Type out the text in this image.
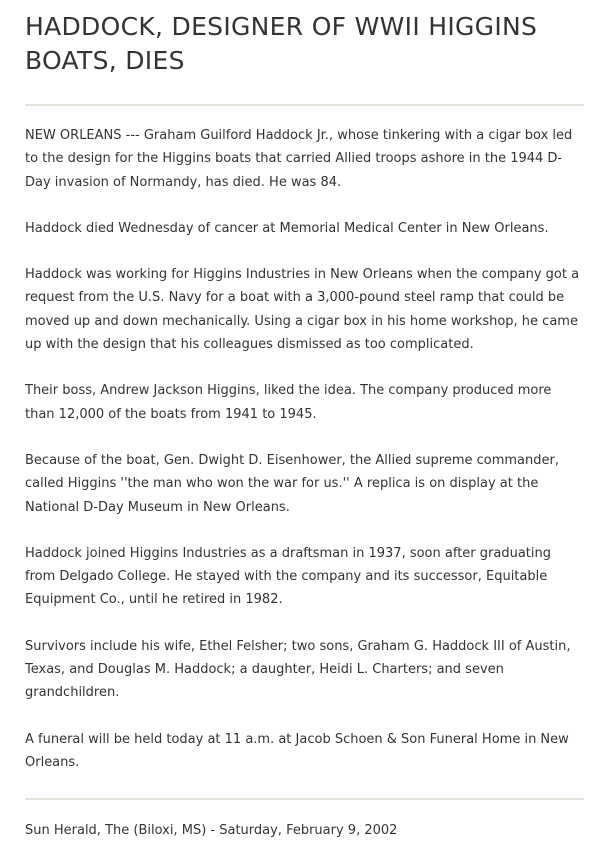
HADDOCK, DESIGNER OF WWII HIGGINS BOATS, DIES

NEW ORLEANS --- Graham Guilford Haddock Jr., whose tinkering with a cigar box led to the design for the Higgins boats that carried Allied troops ashore in the 1944 D-Day invasion of Normandy, has died. He was 84.

Haddock died Wednesday of cancer at Memorial Medical Center in New Orleans.

Haddock was working for Higgins Industries in New Orleans when the company got a request from the U.S. Navy for a boat with a 3,000-pound steel ramp that could be moved up and down mechanically. Using a cigar box in his home workshop, he came up with the design that his colleagues dismissed as too complicated.

Their boss, Andrew Jackson Higgins, liked the idea. The company produced more than 12,000 of the boats from 1941 to 1945.

Because of the boat, Gen. Dwight D. Eisenhower, the Allied supreme commander, called Higgins ''the man who won the war for us.'' A replica is on display at the National D-Day Museum in New Orleans.

Haddock joined Higgins Industries as a draftsman in 1937, soon after graduating from Delgado College. He stayed with the company and its successor, Equitable Equipment Co., until he retired in 1982.

Survivors include his wife, Ethel Felsher; two sons, Graham G. Haddock III of Austin, Texas, and Douglas M. Haddock; a daughter, Heidi L. Charters; and seven grandchildren.

A funeral will be held today at 11 a.m. at Jacob Schoen & Son Funeral Home in New Orleans.

Sun Herald, The (Biloxi, MS) - Saturday, February 9, 2002
